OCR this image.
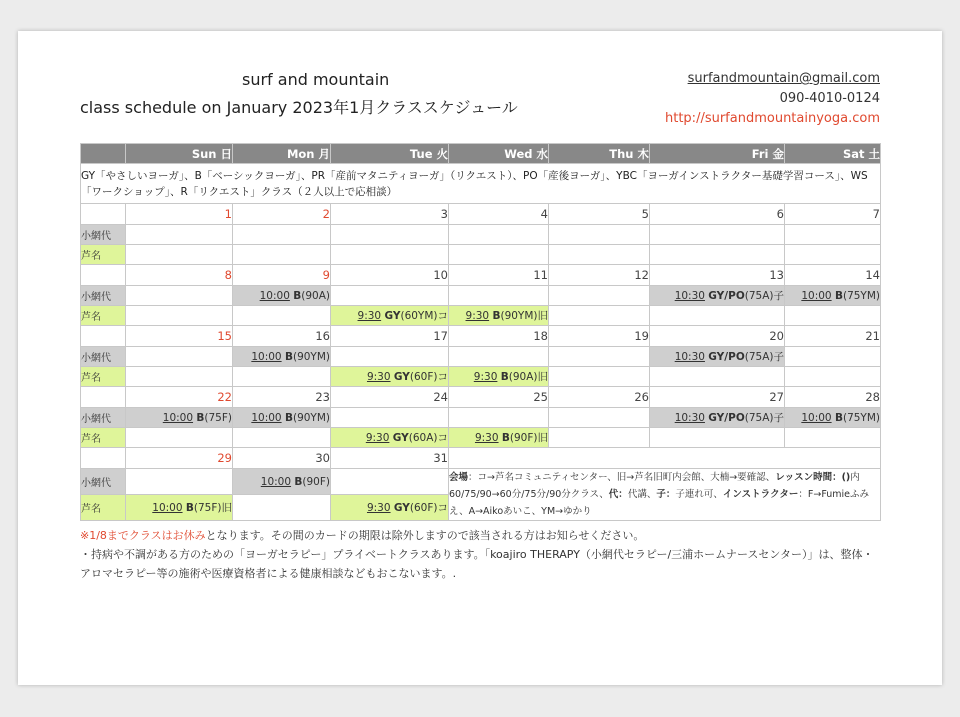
surf and mountain
class schedule on January 2023年1月クラススケジュール
surfandmountain@gmail.com
090-4010-0124
http://surfandmountainyoga.com
	Sun 日	Mon 月	Tue 火	Wed 水	Thu 木	Fri 金	Sat 土
GY「やさしいヨーガ」、B「ベーシックヨーガ」、PR「産前マタニティヨーガ」（リクエスト）、PO「産後ヨーガ」、YBC「ヨーガインストラクター基礎学習コース」、WS「ワークショップ」、R「リクエスト」クラス（２人以上で応相談）							
	1	2	3	4	5	6	7
小網代							
芦名							
	8	9	10	11	12	13	14
小網代		10:00 B(90A)				10:30 GY/PO(75A)子	10:00 B(75YM)
芦名			9:30 GY(60YM)コ	9:30 B(90YM)旧			
	15	16	17	18	19	20	21
小網代		10:00 B(90YM)				10:30 GY/PO(75A)子	
芦名			9:30 GY(60F)コ	9:30 B(90A)旧			
	22	23	24	25	26	27	28
小網代	10:00 B(75F)	10:00 B(90YM)				10:30 GY/PO(75A)子	10:00 B(75YM)
芦名			9:30 GY(60A)コ	9:30 B(90F)旧			
	29	30	31				
小網代		10:00 B(90F)		会場：コ→芦名コミュニティセンター、旧→芦名旧町内会館、大楠→要確認、レッスン時間：()内60/75/90→60分/75分/90分クラス、代：代講、子：子連れ可、インストラクター：F→Fumieふみえ、A→Aikoあいこ、YM→ゆかり			
芦名	10:00 B(75F)旧		9:30 GY(60F)コ				
※1/8までクラスはお休みとなります。その間のカードの期限は除外しますので該当される方はお知らせください。
・持病や不調がある方のための「ヨーガセラピー」プライベートクラスあります。「koajiro THERAPY（小網代セラピー/三浦ホームナースセンター）」は、整体・アロマセラピー等の施術や医療資格者による健康相談などもおこないます。.
